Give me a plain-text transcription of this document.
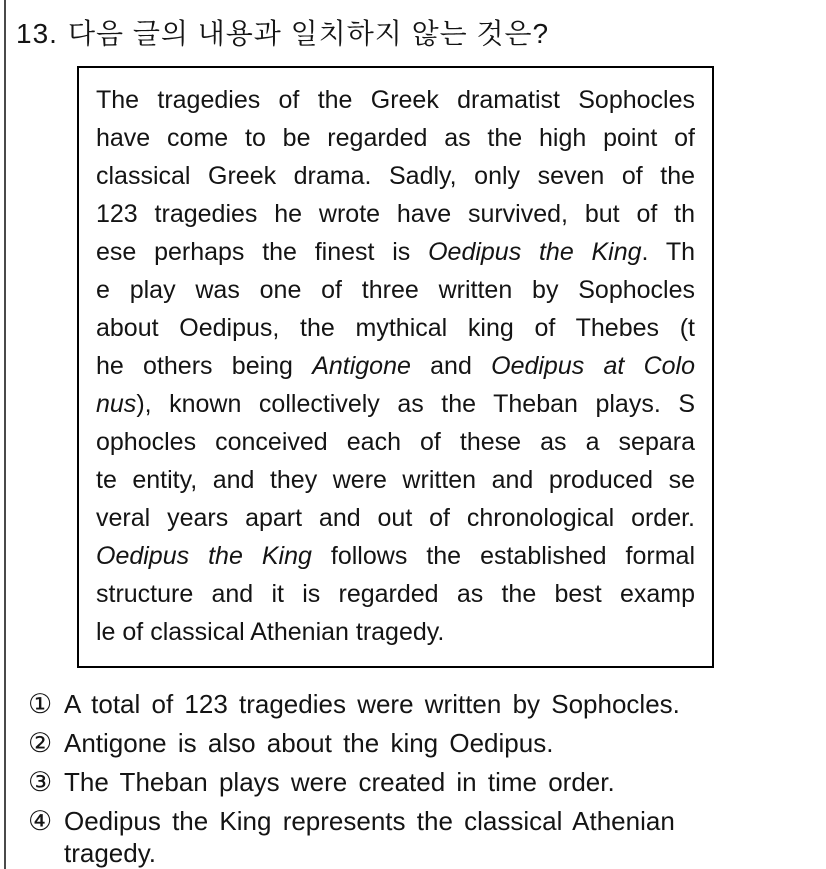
13. 다음 글의 내용과 일치하지 않는 것은?
The tragedies of the Greek dramatist Sophocles
have come to be regarded as the high point of
classical Greek drama. Sadly, only seven of the
123 tragedies he wrote have survived, but of th
ese perhaps the finest is Oedipus the King. Th
e play was one of three written by Sophocles
about Oedipus, the mythical king of Thebes (t
he others being Antigone and Oedipus at Colo
nus), known collectively as the Theban plays. S
ophocles conceived each of these as a separa
te entity, and they were written and produced se
veral years apart and out of chronological order.
Oedipus the King follows the established formal
structure and it is regarded as the best examp
le of classical Athenian tragedy.
① A total of 123 tragedies were written by Sophocles.
② Antigone is also about the king Oedipus.
③ The Theban plays were created in time order.
④ Oedipus the King represents the classical Athenian tragedy.
